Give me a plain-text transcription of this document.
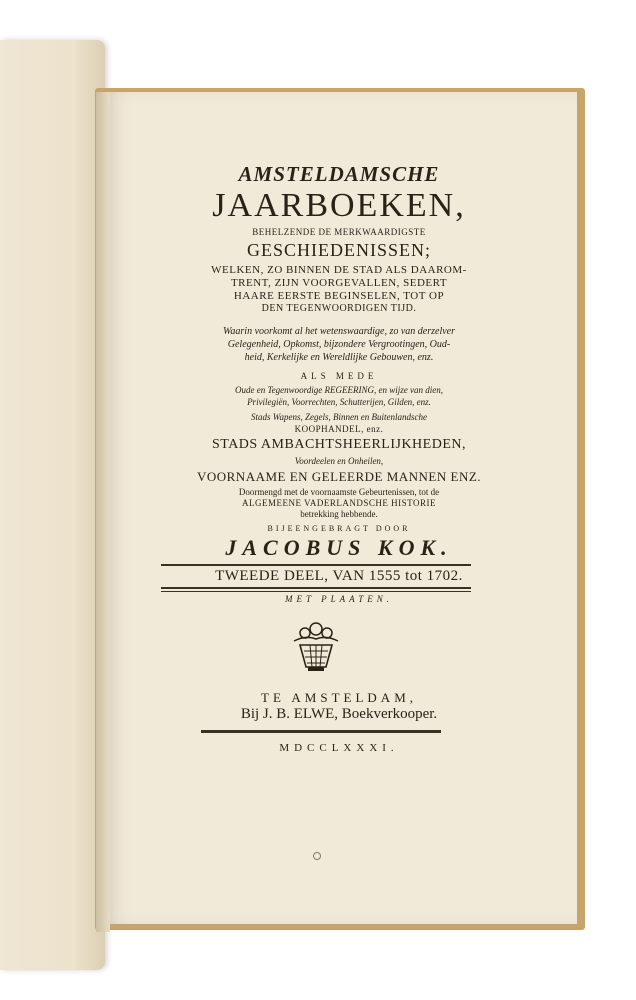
AMSTELDAMSCHE
JAARBOEKEN,
BEHELZENDE DE MERKWAARDIGSTE
GESCHIEDENISSEN;
WELKEN, ZO BINNEN DE STAD ALS DAAROM-
TRENT, ZIJN VOORGEVALLEN, SEDERT
HAARE EERSTE BEGINSELEN, TOT OP
DEN TEGENWOORDIGEN TIJD.
Waarin voorkomt al het wetenswaardige, zo van derzelver
Gelegenheid, Opkomst, bijzondere Vergrootingen, Oud-
heid, Kerkelijke en Wereldlijke Gebouwen, enz.
ALS MEDE
Oude en Tegenwoordige REGEERING, en wijze van dien,
Privilegiën, Voorrechten, Schutterijen, Gilden, enz.
Stads Wapens, Zegels, Binnen en Buitenlandsche
KOOPHANDEL, enz.
STADS AMBACHTSHEERLIJKHEDEN,
Voordeelen en Onheilen,
VOORNAAME EN GELEERDE MANNEN ENZ.
Doormengd met de voornaamste Gebeurtenissen, tot de
ALGEMEENE VADERLANDSCHE HISTORIE
betrekking hebbende.
BIJEENGEBRAGT DOOR
JACOBUS KOK.
TWEEDE DEEL, VAN 1555 tot 1702.
MET PLAATEN.
TE AMSTELDAM,
Bij J. B. ELWE, Boekverkooper.
MDCCLXXXI.
